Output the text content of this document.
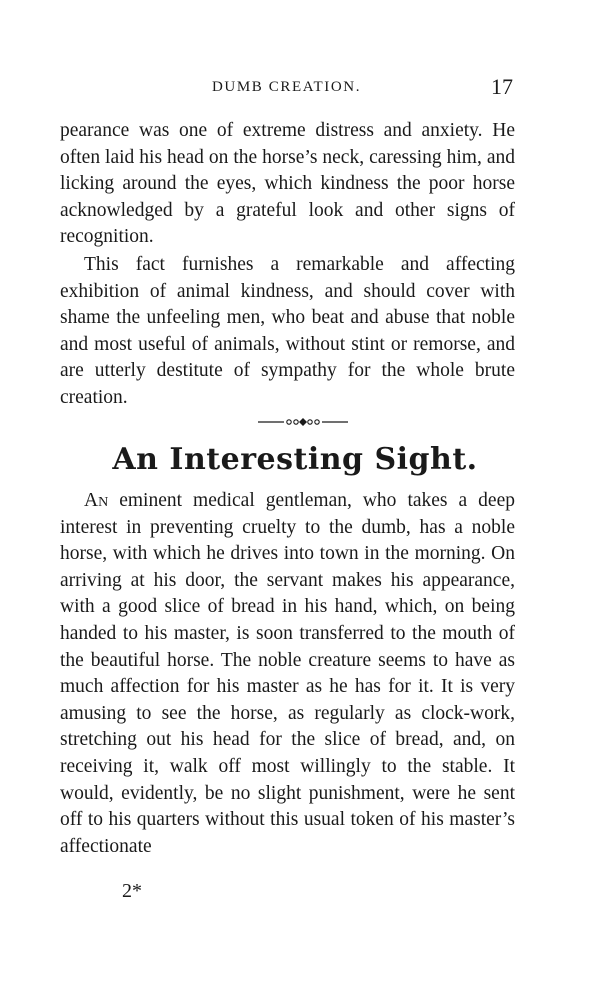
DUMB CREATION.	17

pearance was one of extreme distress and anxiety. He often laid his head on the horse’s neck, caressing him, and licking around the eyes, which kindness the poor horse acknowledged by a grateful look and other signs of recognition.

This fact furnishes a remarkable and affecting exhibition of animal kindness, and should cover with shame the unfeeling men, who beat and abuse that noble and most useful of animals, without stint or remorse, and are utterly destitute of sympathy for the whole brute creation.

An Interesting Sight.

An eminent medical gentleman, who takes a deep interest in preventing cruelty to the dumb, has a noble horse, with which he drives into town in the morning. On arriving at his door, the servant makes his appearance, with a good slice of bread in his hand, which, on being handed to his master, is soon transferred to the mouth of the beautiful horse. The noble creature seems to have as much affection for his master as he has for it. It is very amusing to see the horse, as regularly as clock-work, stretching out his head for the slice of bread, and, on receiving it, walk off most willingly to the stable. It would, evidently, be no slight punishment, were he sent off to his quarters without this usual token of his master’s affectionate

2*
